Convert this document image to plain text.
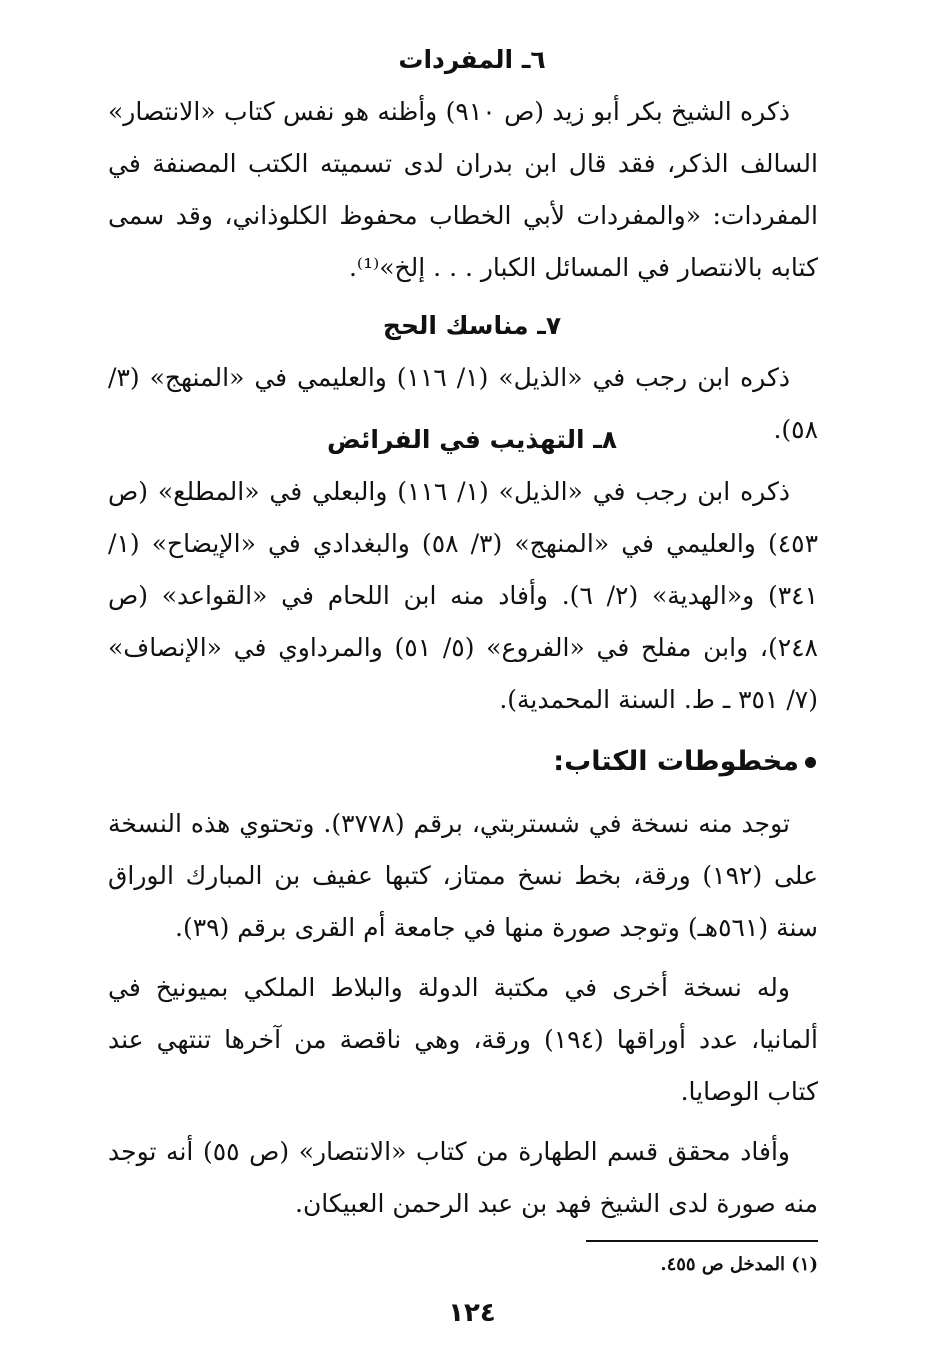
٦ـ المفردات

ذكره الشيخ بكر أبو زيد (ص ٩١٠) وأظنه هو نفس كتاب «الانتصار» السالف الذكر، فقد قال ابن بدران لدى تسميته الكتب المصنفة في المفردات: «والمفردات لأبي الخطاب محفوظ الكلوذاني، وقد سمى كتابه بالانتصار في المسائل الكبار . . . إلخ»⁽¹⁾.

٧ـ مناسك الحج

ذكره ابن رجب في «الذيل» (١/ ١١٦) والعليمي في «المنهج» (٣/ ٥٨).

٨ـ التهذيب في الفرائض

ذكره ابن رجب في «الذيل» (١/ ١١٦) والبعلي في «المطلع» (ص ٤٥٣) والعليمي في «المنهج» (٣/ ٥٨) والبغدادي في «الإيضاح» (١/ ٣٤١) و«الهدية» (٢/ ٦). وأفاد منه ابن اللحام في «القواعد» (ص ٢٤٨)، وابن مفلح في «الفروع» (٥/ ٥١) والمرداوي في «الإنصاف» (٧/ ٣٥١ ـ ط. السنة المحمدية).

مخطوطات الكتاب:

توجد منه نسخة في شستربتي، برقم (٣٧٧٨). وتحتوي هذه النسخة على (١٩٢) ورقة، بخط نسخ ممتاز، كتبها عفيف بن المبارك الوراق سنة (٥٦١هـ) وتوجد صورة منها في جامعة أم القرى برقم (٣٩).

وله نسخة أخرى في مكتبة الدولة والبلاط الملكي بميونيخ في ألمانيا، عدد أوراقها (١٩٤) ورقة، وهي ناقصة من آخرها تنتهي عند كتاب الوصايا.

وأفاد محقق قسم الطهارة من كتاب «الانتصار» (ص ٥٥) أنه توجد منه صورة لدى الشيخ فهد بن عبد الرحمن العبيكان.

(١) المدخل ص ٤٥٥.
١٢٤
